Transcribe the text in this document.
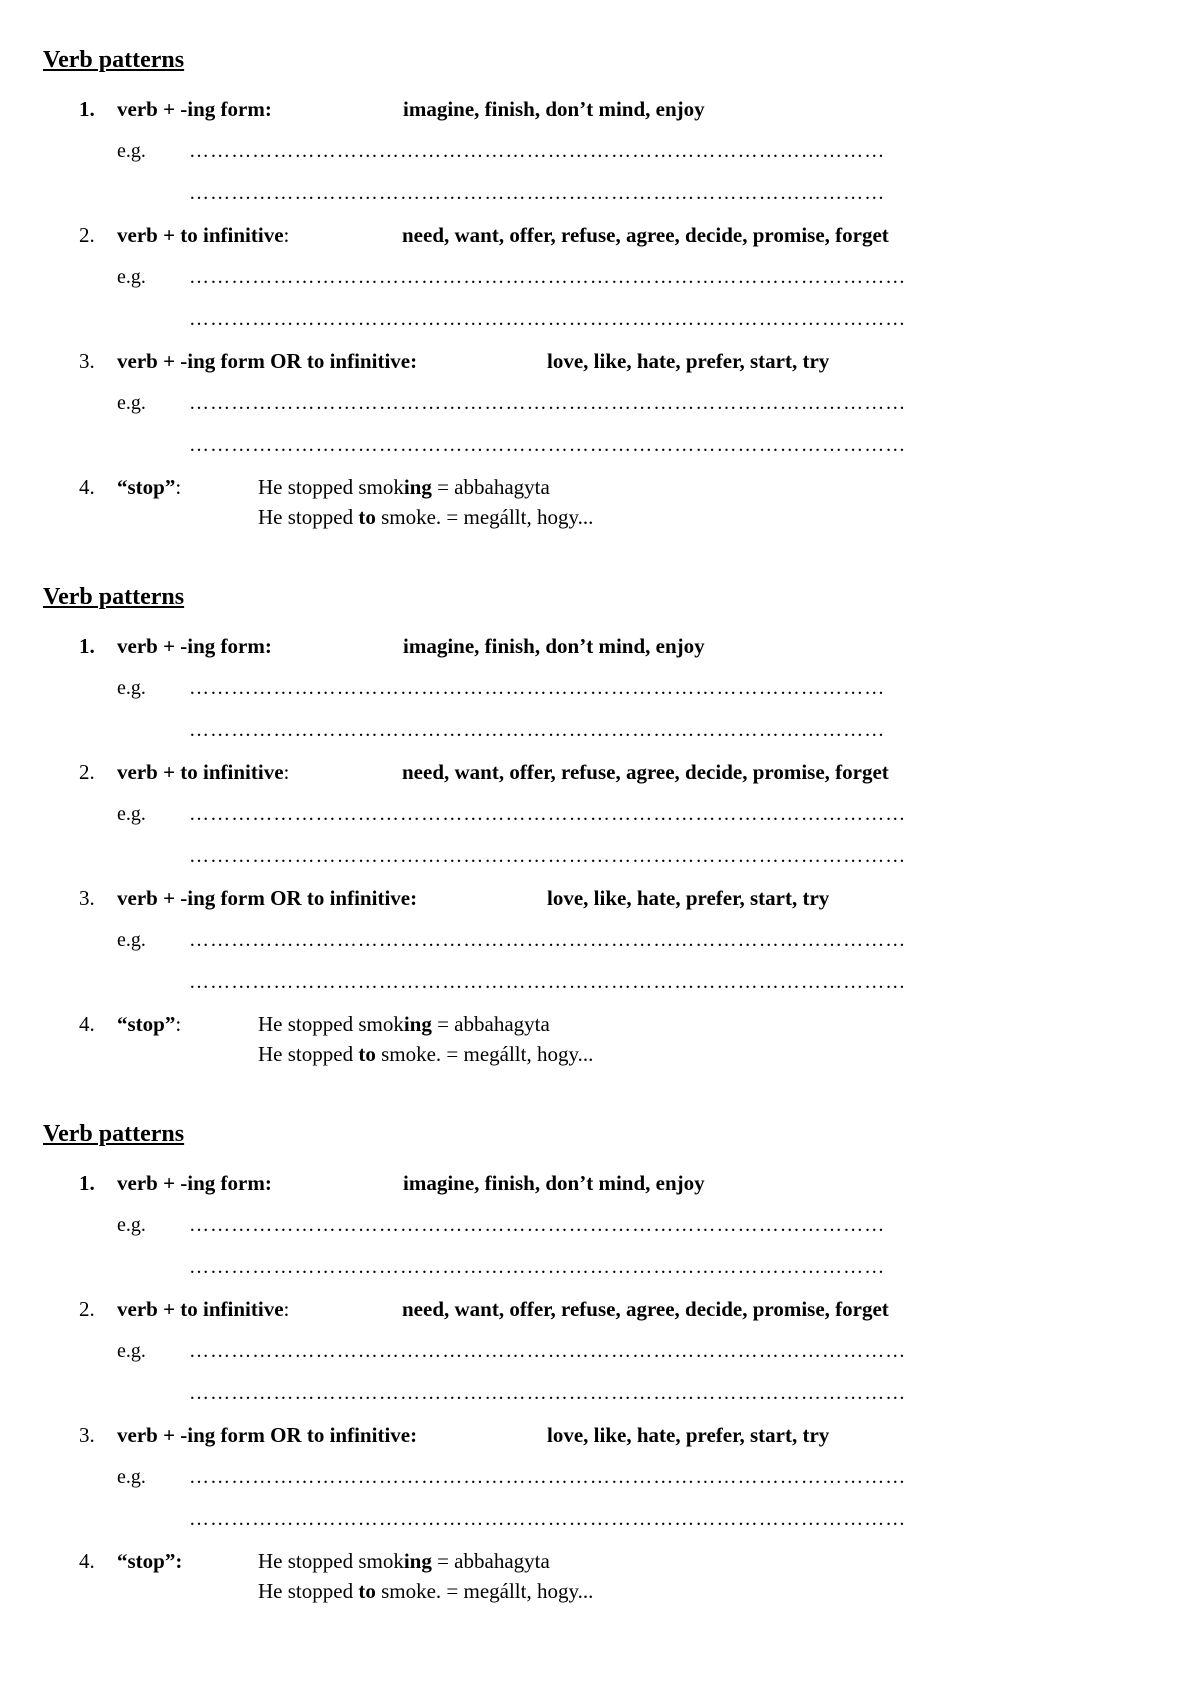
Verb patterns
1. verb + -ing form:	imagine, finish, don’t mind, enjoy
e.g. ………………………………………………………………………………………
………………………………………………………………………………………
2. verb + to infinitive:	need, want, offer, refuse, agree, decide, promise, forget
e.g. …………………………………………………………………………………………
…………………………………………………………………………………………
3. verb + -ing form OR to infinitive:	love, like, hate, prefer, start, try
e.g. …………………………………………………………………………………………
…………………………………………………………………………………………
4. “stop”:	He stopped smoking = abbahagyta
He stopped to smoke. = megállt, hogy...
Verb patterns
1. verb + -ing form:	imagine, finish, don’t mind, enjoy
e.g. ………………………………………………………………………………………
………………………………………………………………………………………
2. verb + to infinitive:	need, want, offer, refuse, agree, decide, promise, forget
e.g. …………………………………………………………………………………………
…………………………………………………………………………………………
3. verb + -ing form OR to infinitive:	love, like, hate, prefer, start, try
e.g. …………………………………………………………………………………………
…………………………………………………………………………………………
4. “stop”:	He stopped smoking = abbahagyta
He stopped to smoke. = megállt, hogy...
Verb patterns
1. verb + -ing form:	imagine, finish, don’t mind, enjoy
e.g. ………………………………………………………………………………………
………………………………………………………………………………………
2. verb + to infinitive:	need, want, offer, refuse, agree, decide, promise, forget
e.g. …………………………………………………………………………………………
…………………………………………………………………………………………
3. verb + -ing form OR to infinitive:	love, like, hate, prefer, start, try
e.g. …………………………………………………………………………………………
…………………………………………………………………………………………
4. “stop”:	He stopped smoking = abbahagyta
He stopped to smoke. = megállt, hogy...
